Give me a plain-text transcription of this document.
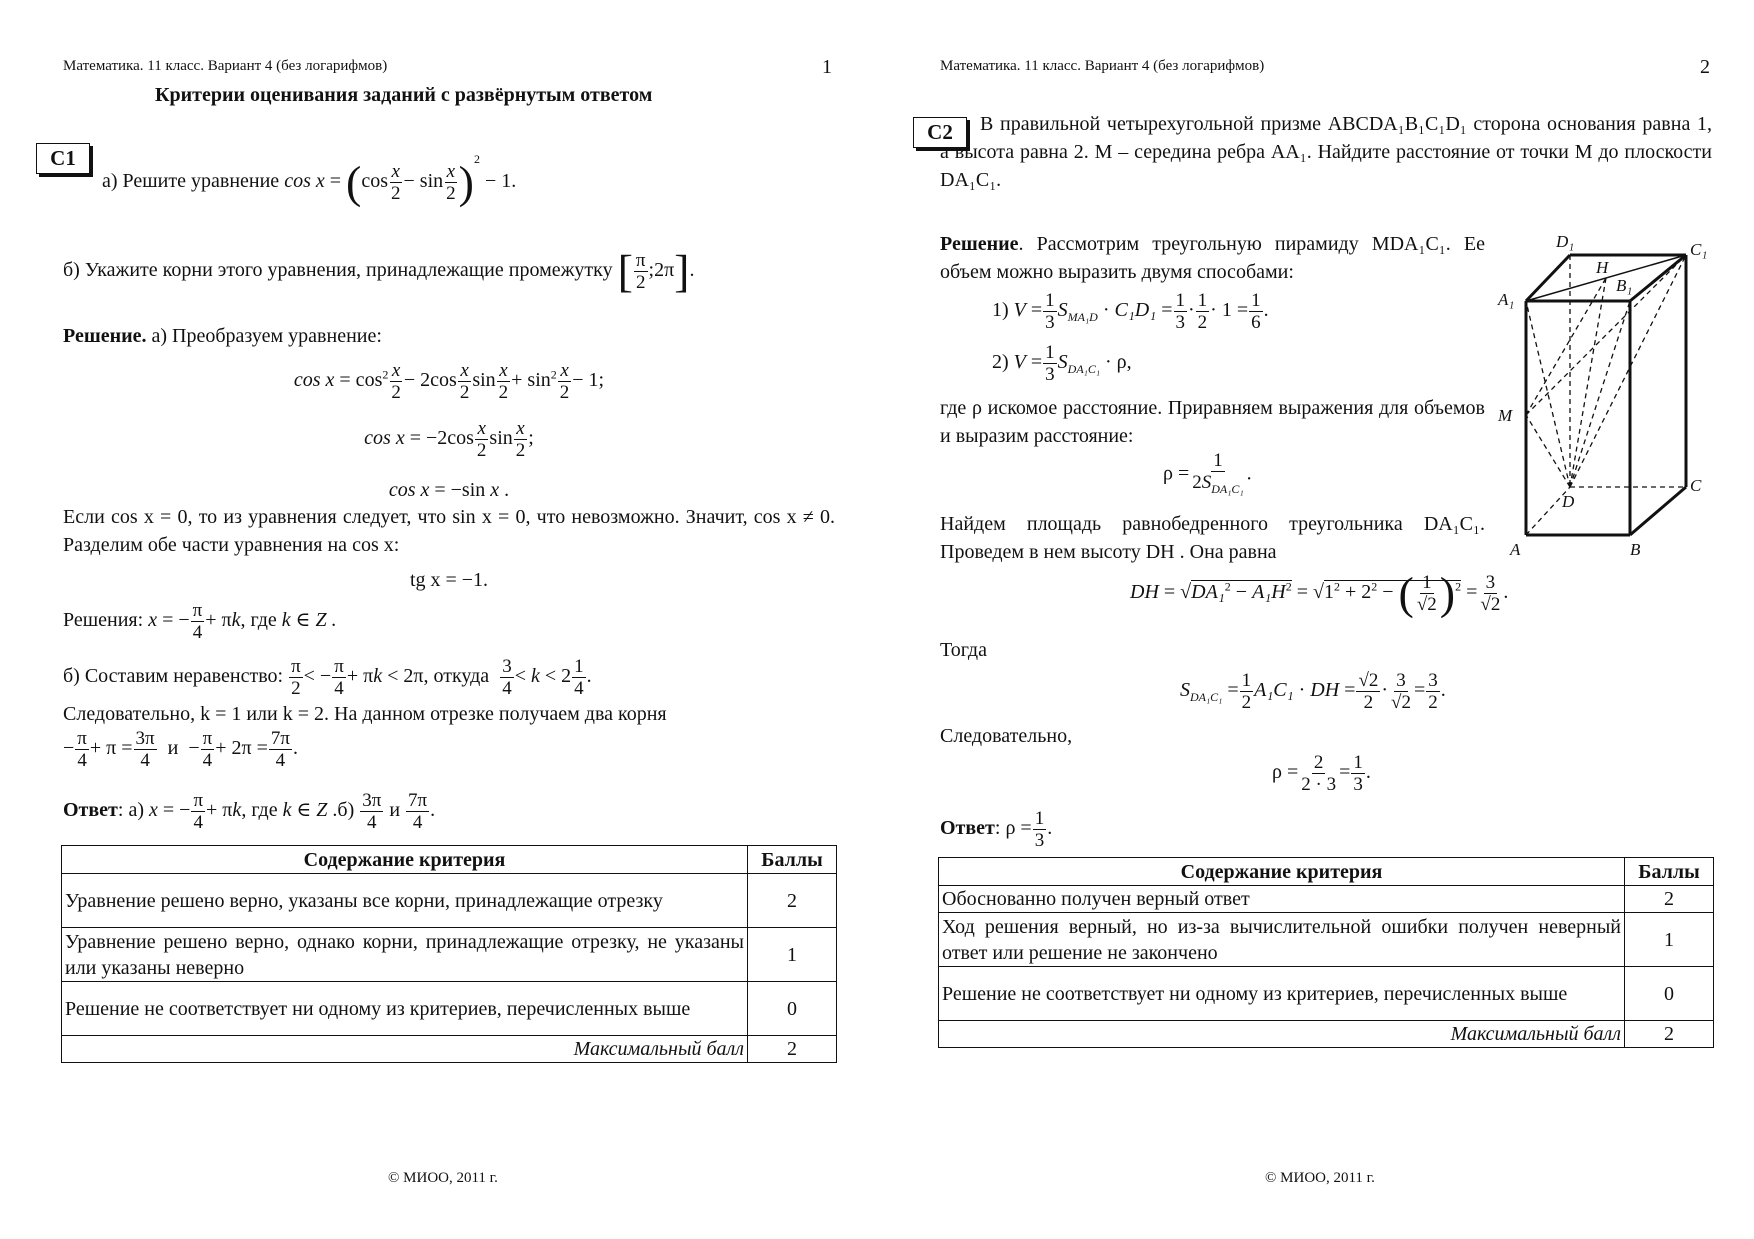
Математика. 11 класс. Вариант 4 (без логарифмов)	1
Критерии оценивания заданий с развёрнутым ответом
C1
а) Решите уравнение $\cos x = (\cos \frac{x}{2} - \sin \frac{x}{2} )^2 - 1$.
б) Укажите корни этого уравнения, принадлежащие промежутку [ $\frac{\pi}{2}$ ;2π].
Решение. а) Преобразуем уравнение:
$\cos x = \cos^2 \frac{x}{2} - 2\cos \frac{x}{2}$ $\sin \frac{x}{2} + \sin^2 \frac{x}{2} - 1$;
$\cos x = -2\cos \frac{x}{2}$ $\sin \frac{x}{2}$ ;
cos x = −sin x .
Если cos x = 0, то из уравнения следует, что sin x = 0, что невозможно. Значит, cos x ≠ 0. Разделим обе части уравнения на cos x:
tg x = −1.
Решения: x = − $\frac{\pi}{4} + \pi k$, где k ∈ Z .
б) Составим неравенство: $\frac{\pi}{2}$ < − $\frac{\pi}{4} + \pi k < 2\pi$, откуда $\frac{3}{4} < k < 2 \frac{1}{4}$ .
Следовательно, k = 1 или k = 2. На данном отрезке получаем два корня
− $\frac{\pi}{4} + \pi = \frac{3\pi}{4}$ $и - \frac{\pi}{4} + 2\pi = \frac{7\pi}{4}$ .
Ответ: а) x = − $\frac{\pi}{4} + \pi k$, где k ∈ Z $.б) \frac{3\pi}{4}$ и $\frac{7\pi}{4}$ .
Содержание критерия	Баллы
Уравнение решено верно, указаны все корни, принадлежащие отрезку	2
Уравнение решено верно, однако корни, принадлежащие отрезку, не указаны или указаны неверно	1
Решение не соответствует ни одному из критериев, перечисленных выше	0
Максимальный балл	2
© МИОО, 2011 г.
Математика. 11 класс. Вариант 4 (без логарифмов)	2
C2	В правильной четырехугольной призме ABCDA₁B₁C₁D₁ сторона основания равна 1, а высота равна 2. M – середина ребра AA₁. Найдите расстояние от точки M до плоскости DA₁C₁.
Решение. Рассмотрим треугольную пирамиду MDA₁C₁. Ее объем можно выразить двумя способами:
1) $V = \frac{1}{3} S_{MA_1D} \cdot C_1D_1 = \frac{1}{3} \cdot \frac{1}{2} \cdot 1 = \frac{1}{6}$ .
2) $V = \frac{1}{3} S_{DA_1C_1} \cdot \rho$,
где ρ искомое расстояние. Приравняем выражения для объемов и выразим расстояние:
ρ =
1
$2S_{DA_1C_1}$
.
Найдем площадь равнобедренного треугольника DA₁C₁. Проведем в нем высоту DH . Она равна
DH = $√DA_1^2 - A_1H^2 = √1^2 + 2^2$ − ( $\frac{1}{√2} )^2 = \frac{3}{√2}$ .
Тогда
$S_{DA_1C_1} = \frac{1}{2} A_1C_1$ · DH = $\frac{√2}{2} \cdot \frac{3}{√2} = \frac{3}{2}$ .
Следовательно,
$\rho = \frac{2}{2 \cdot 3} = \frac{1}{3}$ .
Ответ: $\rho = \frac{1}{3}$ .
Содержание критерия	Баллы
Обоснованно получен верный ответ	2
Ход решения верный, но из-за вычислительной ошибки получен неверный ответ или решение не закончено	1
Решение не соответствует ни одному из критериев, перечисленных выше	0
Максимальный балл	2
D₁	C₁
A₁
B₁
H
M
D
C
A	B
© МИОО, 2011 г.
